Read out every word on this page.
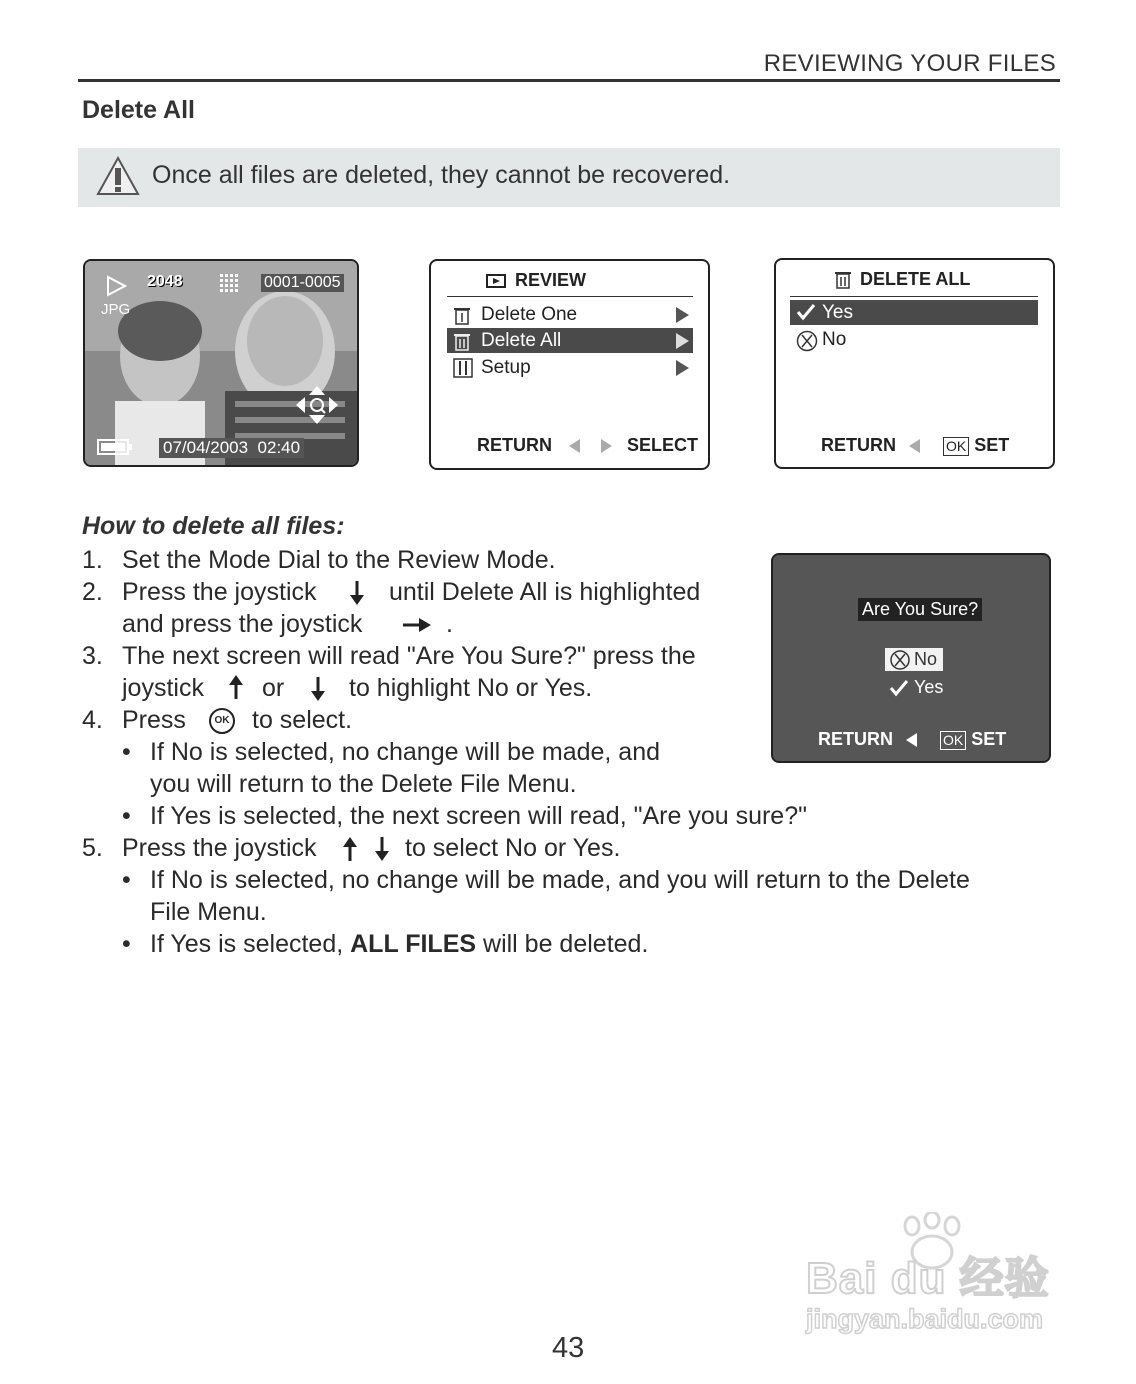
REVIEWING YOUR FILES
Delete All
Once all files are deleted, they cannot be recovered.
2048	0001-0005
JPG
07/04/2003  02:40
REVIEW
Delete One
Delete All
Setup
RETURN	SELECT
DELETE ALL
Yes
No
RETURN	OK SET
Are You Sure?
No
Yes
RETURN	OK SET
How to delete all files:
1. Set the Mode Dial to the Review Mode.
2. Press the joystick	until Delete All is highlighted
and press the joystick	.
3. The next screen will read "Are You Sure?" press the
joystick or	to highlight No or Yes.
4. Press	OK to select.
• If No is selected, no change will be made, and
you will return to the Delete File Menu.
• If Yes is selected, the next screen will read, "Are you sure?"
5. Press the joystick	to select No or Yes.
• If No is selected, no change will be made, and you will return to the Delete
File Menu.
• If Yes is selected, ALL FILES will be deleted.
Bai du 经验
jingyan.baidu.com
43
